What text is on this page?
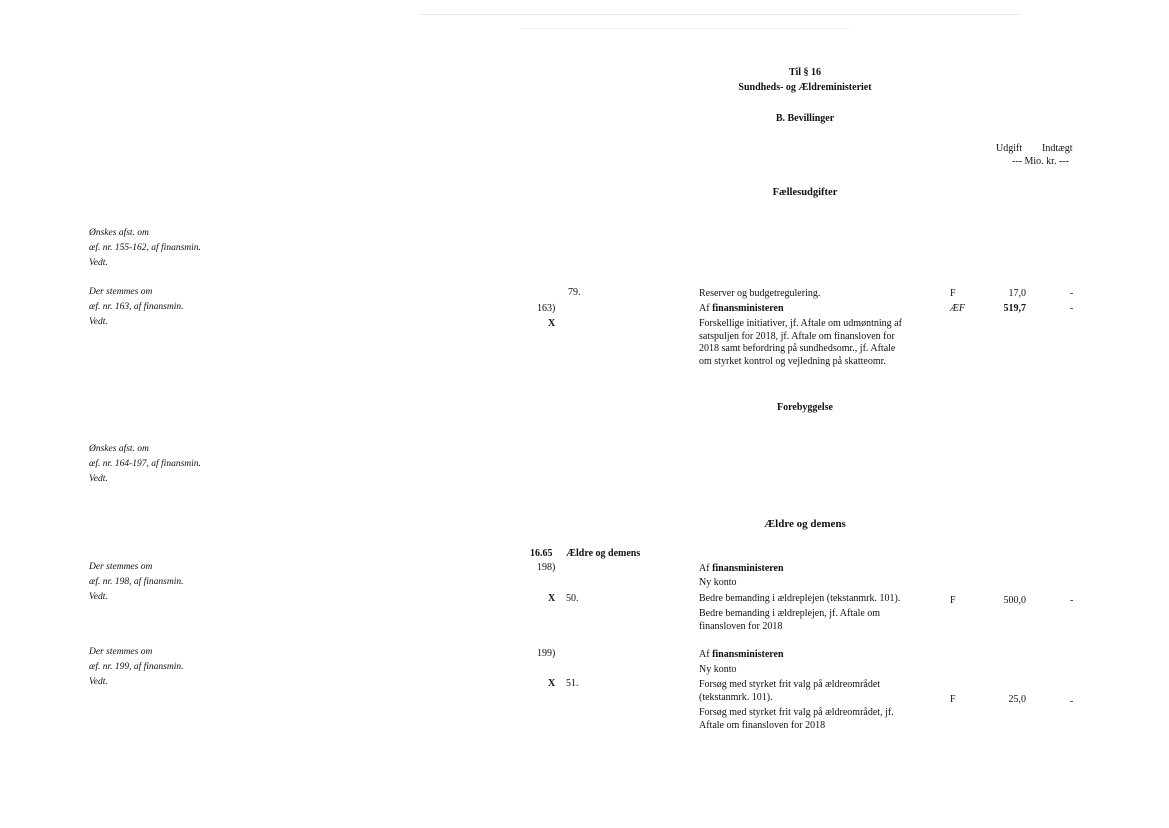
Til § 16
Sundheds- og Ældreministeriet
B. Bevillinger
Udgift Indtægt
--- Mio. kr. ---
Fællesudgifter
Ønskes afst. om
æf. nr. 155-162, af finansmin.
Vedt.
Der stemmes om
æf. nr. 163, af finansmin.
Vedt.
79.
163)
X
Reserver og budgetregulering.	F	17,0	-
Af finansministeren	ÆF	519,7	-
Forskellige initiativer, jf. Aftale om udmøntning af
satspuljen for 2018, jf. Aftale om finansloven for
2018 samt befordring på sundhedsomr., jf. Aftale
om styrket kontrol og vejledning på skatteomr.
Forebyggelse
Ønskes afst. om
æf. nr. 164-197, af finansmin.
Vedt.
Ældre og demens
16.65 Ældre og demens
Der stemmes om
æf. nr. 198, af finansmin.
Vedt.
198)	Af finansministeren
Ny konto
X 50.	Bedre bemanding i ældreplejen (tekstanmrk. 101).	F	500,0	-
Bedre bemanding i ældreplejen, jf. Aftale om
finansloven for 2018
Der stemmes om
æf. nr. 199, af finansmin.
Vedt.
199)	Af finansministeren
Ny konto
X 51.	Forsøg med styrket frit valg på ældreområdet
(tekstanmrk. 101).	F	25,0	-
Forsøg med styrket frit valg på ældreområdet, jf.
Aftale om finansloven for 2018
